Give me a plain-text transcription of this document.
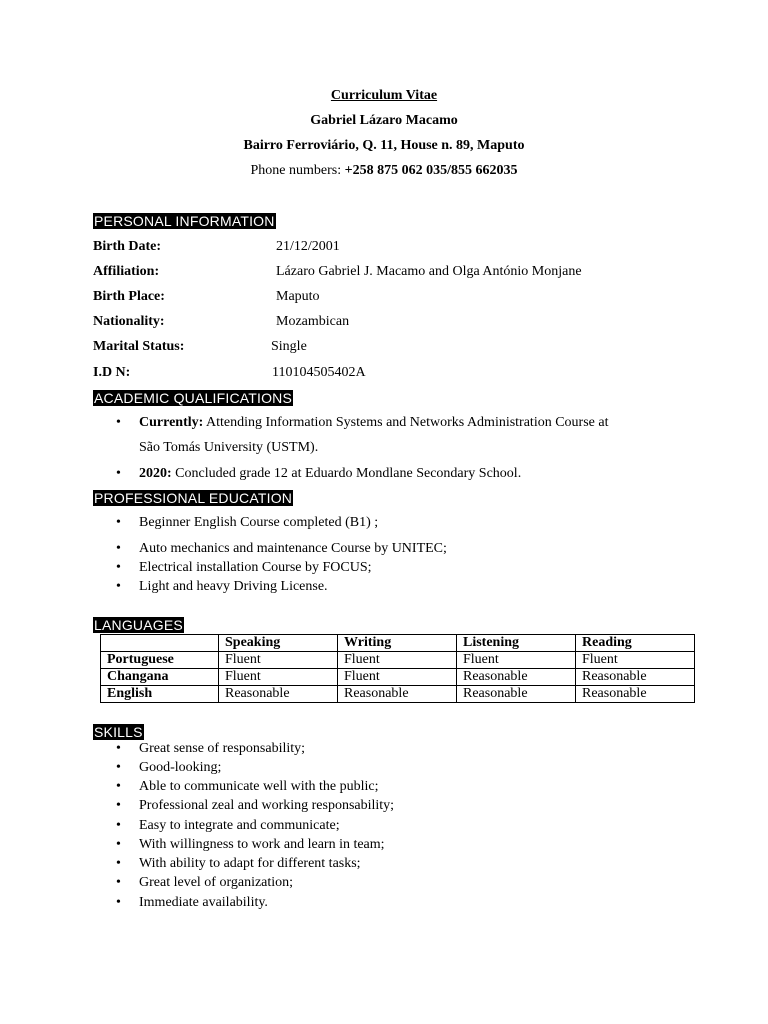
Curriculum Vitae
Gabriel Lázaro Macamo
Bairro Ferroviário, Q. 11, House n. 89, Maputo
Phone numbers: +258 875 062 035/855 662035
PERSONAL INFORMATION
Birth Date:	21/12/2001
Affiliation:	Lázaro Gabriel J. Macamo and Olga António Monjane
Birth Place:	Maputo
Nationality:	Mozambican
Marital Status:	Single
I.D N:	110104505402A
ACADEMIC QUALIFICATIONS
• Currently: Attending Information Systems and Networks Administration Course at
São Tomás University (USTM).
• 2020: Concluded grade 12 at Eduardo Mondlane Secondary School.
PROFESSIONAL EDUCATION
• Beginner English Course completed (B1) ;
• Auto mechanics and maintenance Course by UNITEC;
• Electrical installation Course by FOCUS;
• Light and heavy Driving License.
LANGUAGES
	Speaking	Writing	Listening	Reading
Portuguese	Fluent	Fluent	Fluent	Fluent
Changana	Fluent	Fluent	Reasonable	Reasonable
English	Reasonable	Reasonable	Reasonable	Reasonable
SKILLS
• Great sense of responsability;
• Good-looking;
• Able to communicate well with the public;
• Professional zeal and working responsability;
• Easy to integrate and communicate;
• With willingness to work and learn in team;
• With ability to adapt for different tasks;
• Great level of organization;
• Immediate availability.
